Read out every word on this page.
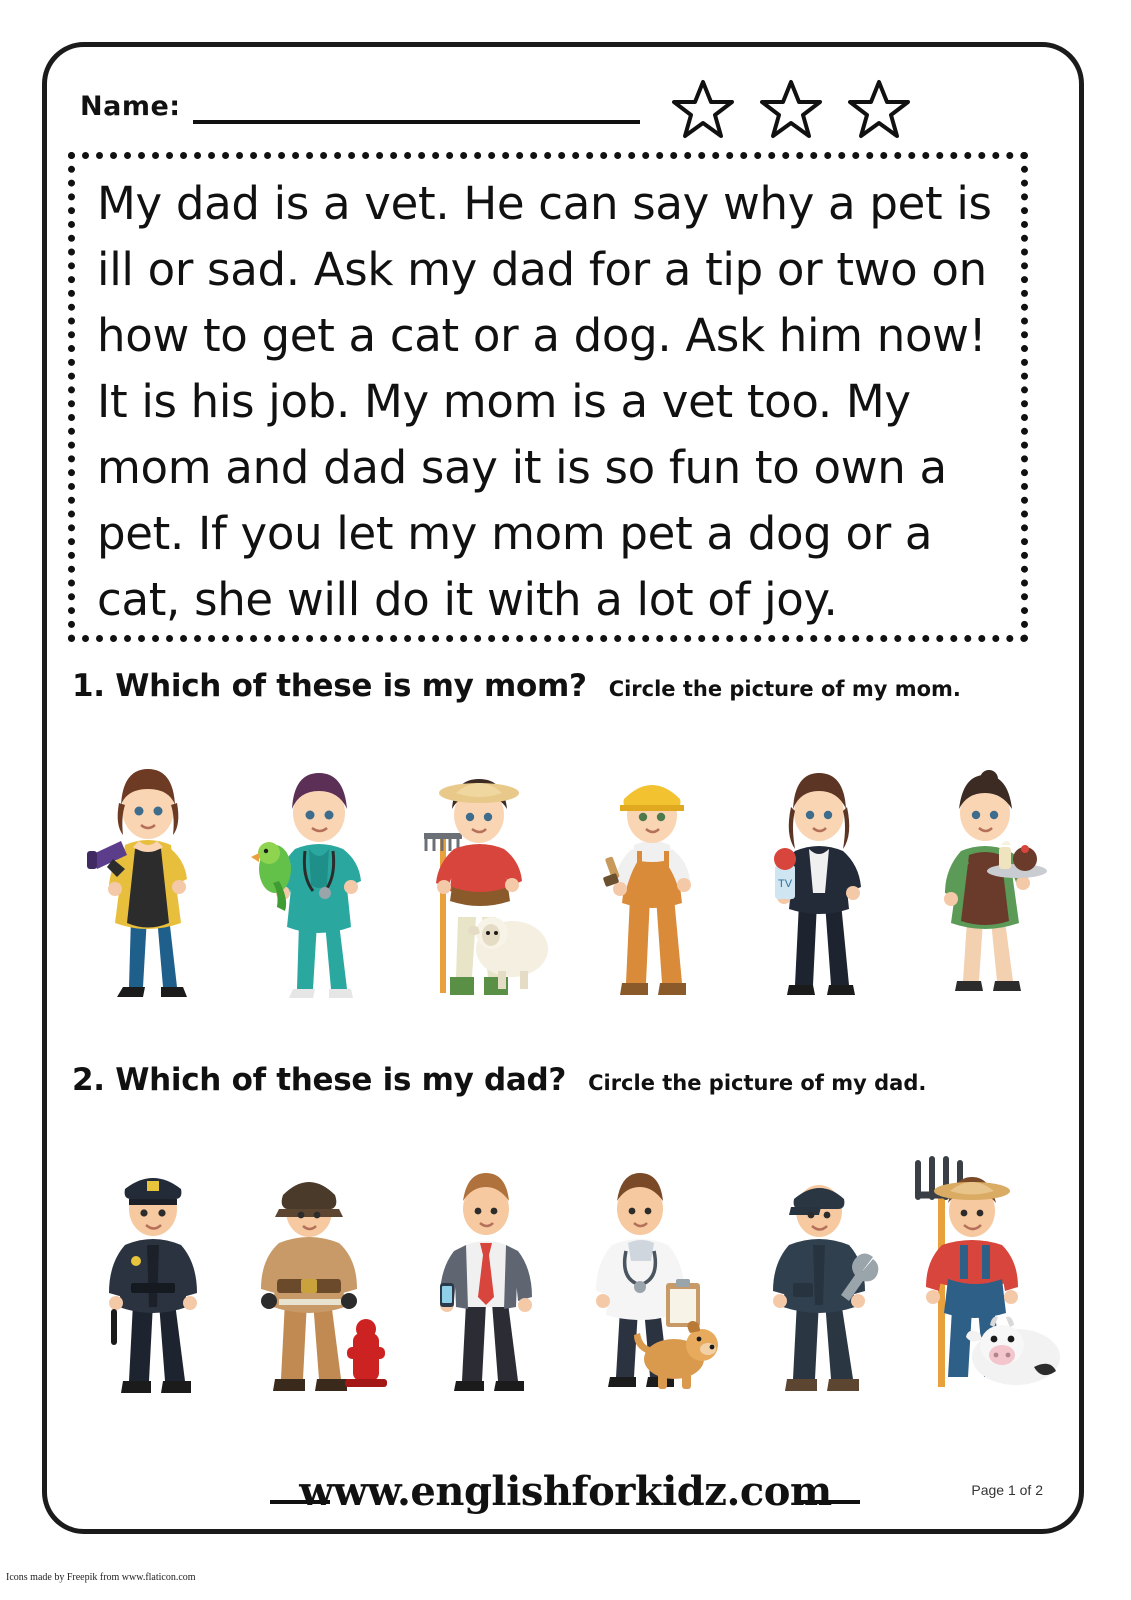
Name:

My dad is a vet. He can say why a pet is ill or sad. Ask my dad for a tip or two on how to get a cat or a dog. Ask him now! It is his job. My mom is a vet too. My mom and dad say it is so fun to own a pet. If you let my mom pet a dog or a cat, she will do it with a lot of joy.

1. Which of these is my mom? Circle the picture of my mom.
TV
2. Which of these is my dad? Circle the picture of my dad.
www.englishforkidz.com	Page 1 of 2
Icons made by Freepik from www.flaticon.com
